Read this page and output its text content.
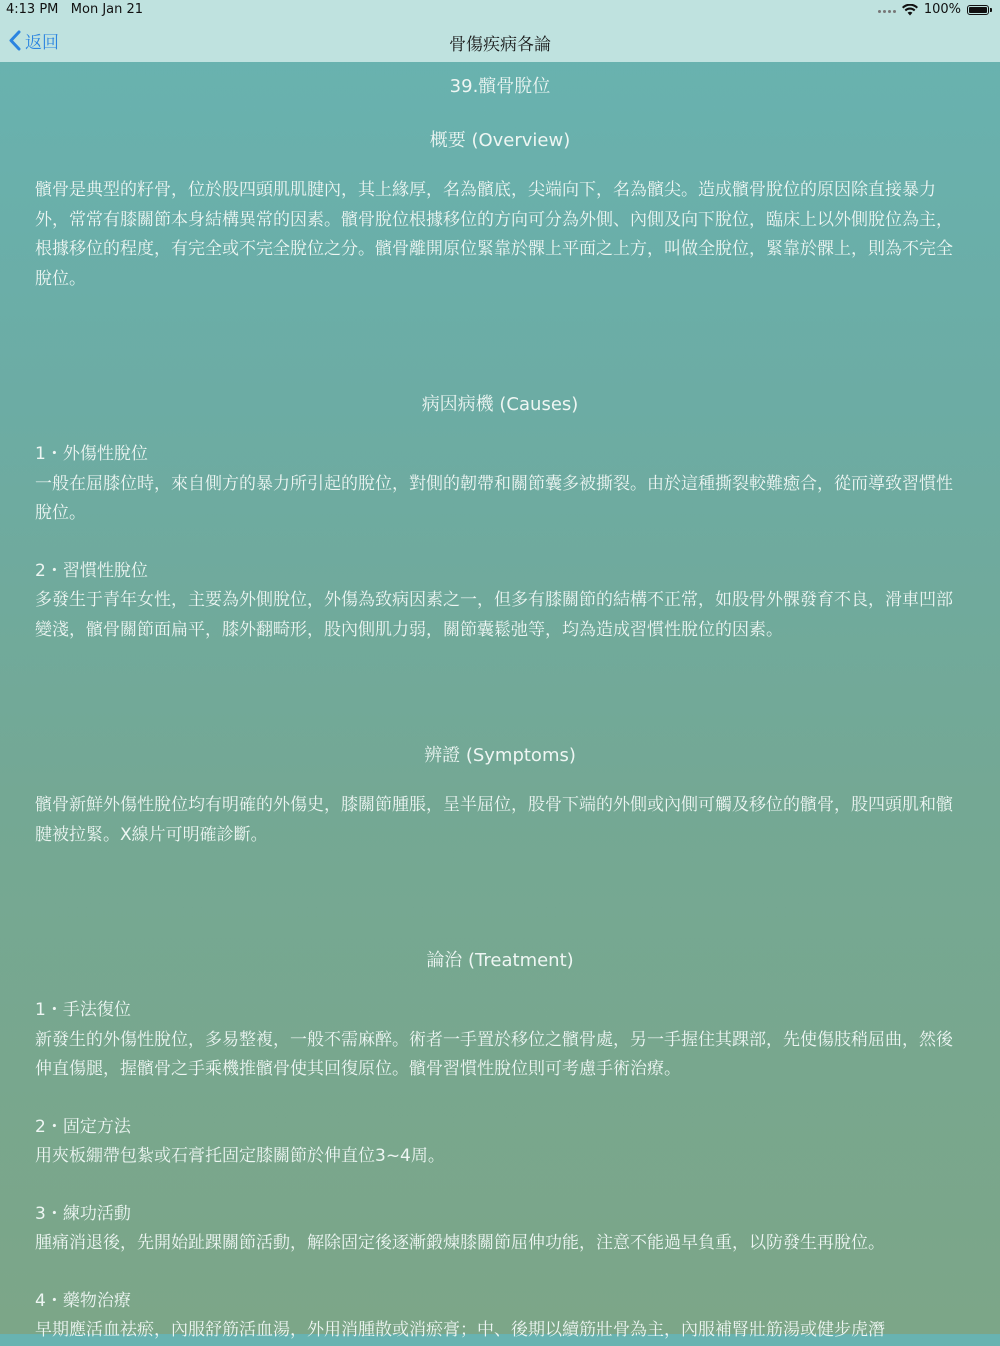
4:13 PM Mon Jan 21	100%
返回	骨傷疾病各論
39.髕骨脫位
概要 (Overview)

髕骨是典型的籽骨，位於股四頭肌肌腱內，其上緣厚，名為髕底，尖端向下，名為髕尖。造成髕骨脫位的原因除直接暴力外，常常有膝關節本身結構異常的因素。髕骨脫位根據移位的方向可分為外側、內側及向下脫位，臨床上以外側脫位為主，根據移位的程度，有完全或不完全脫位之分。髕骨離開原位緊靠於髁上平面之上方，叫做全脫位，緊靠於髁上，則為不完全脫位。

病因病機 (Causes)

1・外傷性脫位

一般在屈膝位時，來自側方的暴力所引起的脫位，對側的韌帶和關節囊多被撕裂。由於這種撕裂較難癒合，從而導致習慣性脫位。

2・習慣性脫位

多發生于青年女性，主要為外側脫位，外傷為致病因素之一，但多有膝關節的結構不正常，如股骨外髁發育不良，滑車凹部變淺，髕骨關節面扁平，膝外翻畸形，股內側肌力弱，關節囊鬆弛等，均為造成習慣性脫位的因素。

辨證 (Symptoms)

髕骨新鮮外傷性脫位均有明確的外傷史，膝關節腫脹，呈半屈位，股骨下端的外側或內側可觸及移位的髕骨，股四頭肌和髕腱被拉緊。X線片可明確診斷。

論治 (Treatment)

1・手法復位

新發生的外傷性脫位，多易整複，一般不需麻醉。術者一手置於移位之髕骨處，另一手握住其踝部，先使傷肢稍屈曲，然後伸直傷腿，握髕骨之手乘機推髕骨使其回復原位。髕骨習慣性脫位則可考慮手術治療。

2・固定方法

用夾板綳帶包紮或石膏托固定膝關節於伸直位3~4周。

3・練功活動

腫痛消退後，先開始趾踝關節活動，解除固定後逐漸鍛煉膝關節屈伸功能，注意不能過早負重，以防發生再脫位。

4・藥物治療

早期應活血祛瘀，內服舒筋活血湯，外用消腫散或消瘀膏；中、後期以續筋壯骨為主，內服補腎壯筋湯或健步虎潛
